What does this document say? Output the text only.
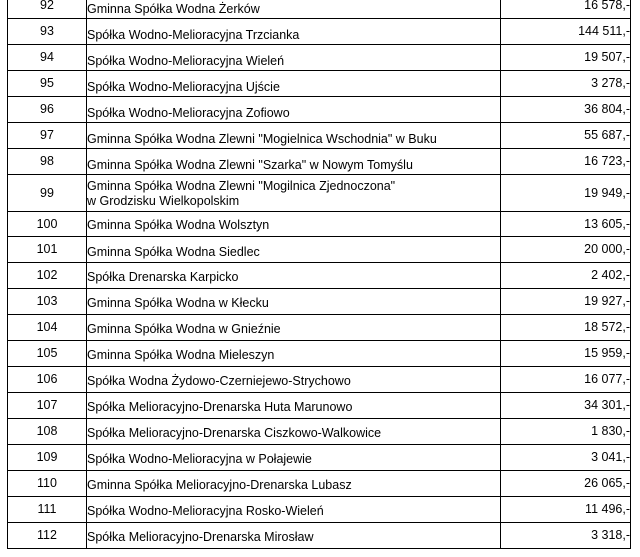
92	Gminna Spółka Wodna Żerków	16 578,-
93	Spółka Wodno-Melioracyjna Trzcianka	144 511,-
94	Spółka Wodno-Melioracyjna Wieleń	19 507,-
95	Spółka Wodno-Melioracyjna Ujście	3 278,-
96	Spółka Wodno-Melioracyjna Zofiowo	36 804,-
97	Gminna Spółka Wodna Zlewni "Mogielnica Wschodnia" w Buku	55 687,-
98	Gminna Spółka Wodna Zlewni "Szarka" w Nowym Tomyślu	16 723,-
99	Gminna Spółka Wodna Zlewni "Mogilnica Zjednoczona"
w Grodzisku Wielkopolskim	19 949,-
100	Gminna Spółka Wodna Wolsztyn	13 605,-
101	Gminna Spółka Wodna Siedlec	20 000,-
102	Spółka Drenarska Karpicko	2 402,-
103	Gminna Spółka Wodna w Kłecku	19 927,-
104	Gminna Spółka Wodna w Gnieźnie	18 572,-
105	Gminna Spółka Wodna Mieleszyn	15 959,-
106	Spółka Wodna Żydowo-Czerniejewo-Strychowo	16 077,-
107	Spółka Melioracyjno-Drenarska Huta Marunowo	34 301,-
108	Spółka Melioracyjno-Drenarska Ciszkowo-Walkowice	1 830,-
109	Spółka Wodno-Melioracyjna w Połajewie	3 041,-
110	Gminna Spółka Melioracyjno-Drenarska Lubasz	26 065,-
111	Spółka Wodno-Melioracyjna Rosko-Wieleń	11 496,-
112	Spółka Melioracyjno-Drenarska Mirosław	3 318,-
